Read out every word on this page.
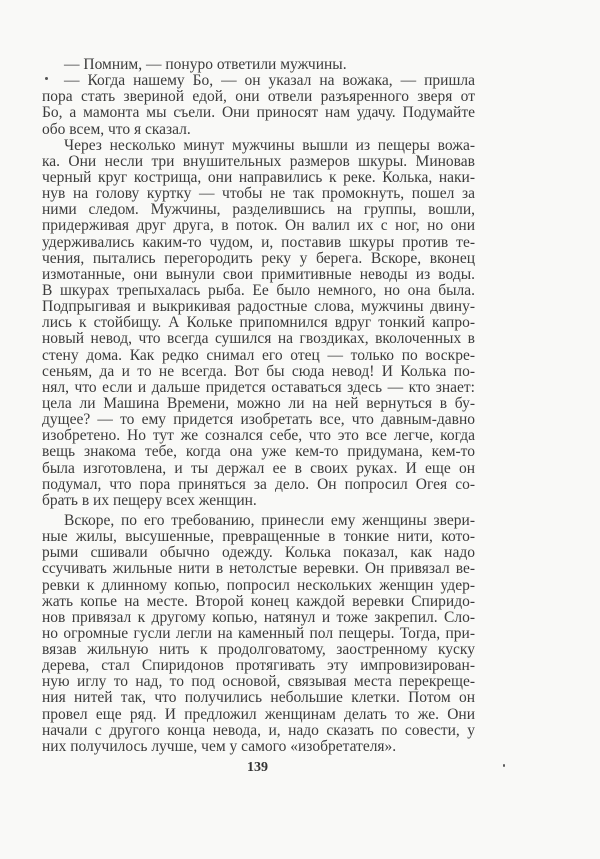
— Помним, — понуро ответили мужчины.
— Когда нашему Бо, — он указал на вожака, — пришла
пора стать звериной едой, они отвели разъяренного зверя от
Бо, а мамонта мы съели. Они приносят нам удачу. Подумайте
обо всем, что я сказал.
Через несколько минут мужчины вышли из пещеры вожа-
ка. Они несли три внушительных размеров шкуры. Миновав
черный круг кострища, они направились к реке. Колька, наки-
нув на голову куртку — чтобы не так промокнуть, пошел за
ними следом. Мужчины, разделившись на группы, вошли,
придерживая друг друга, в поток. Он валил их с ног, но они
удерживались каким-то чудом, и, поставив шкуры против те-
чения, пытались перегородить реку у берега. Вскоре, вконец
измотанные, они вынули свои примитивные неводы из воды.
В шкурах трепыхалась рыба. Ее было немного, но она была.
Подпрыгивая и выкрикивая радостные слова, мужчины двину-
лись к стойбищу. А Кольке припомнился вдруг тонкий капро-
новый невод, что всегда сушился на гвоздиках, вколоченных в
стену дома. Как редко снимал его отец — только по воскре-
сеньям, да и то не всегда. Вот бы сюда невод! И Колька по-
нял, что если и дальше придется оставаться здесь — кто знает:
цела ли Машина Времени, можно ли на ней вернуться в бу-
дущее? — то ему придется изобретать все, что давным-давно
изобретено. Но тут же сознался себе, что это все легче, когда
вещь знакома тебе, когда она уже кем-то придумана, кем-то
была изготовлена, и ты держал ее в своих руках. И еще он
подумал, что пора приняться за дело. Он попросил Огея со-
брать в их пещеру всех женщин.
Вскоре, по его требованию, принесли ему женщины звери-
ные жилы, высушенные, превращенные в тонкие нити, кото-
рыми сшивали обычно одежду. Колька показал, как надо
ссучивать жильные нити в нетолстые веревки. Он привязал ве-
ревки к длинному копью, попросил нескольких женщин удер-
жать копье на месте. Второй конец каждой веревки Спиридо-
нов привязал к другому копью, натянул и тоже закрепил. Сло-
но огромные гусли легли на каменный пол пещеры. Тогда, при-
вязав жильную нить к продолговатому, заостренному куску
дерева, стал Спиридонов протягивать эту импровизирован-
ную иглу то над, то под основой, связывая места перекреще-
ния нитей так, что получились небольшие клетки. Потом он
провел еще ряд. И предложил женщинам делать то же. Они
начали с другого конца невода, и, надо сказать по совести, у
них получилось лучше, чем у самого «изобретателя».
139
